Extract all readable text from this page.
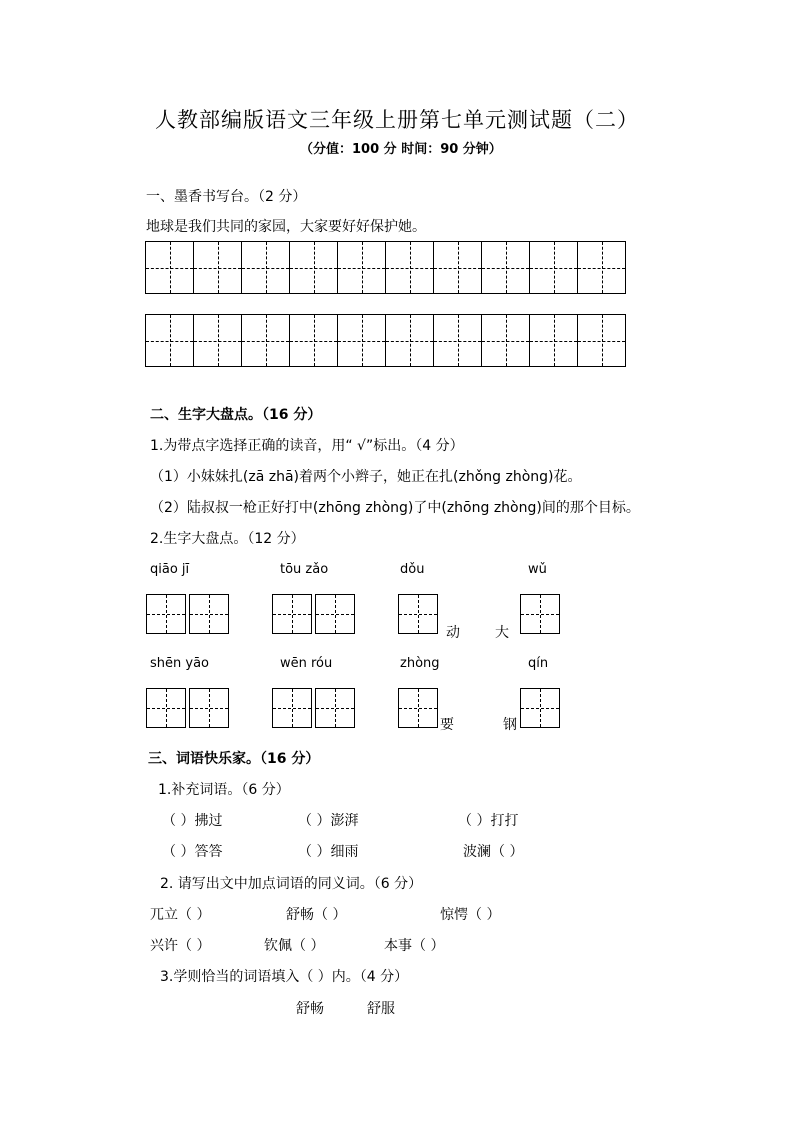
人教部编版语文三年级上册第七单元测试题（二）
（分值：100 分 时间：90 分钟）
一、墨香书写台。（2 分）
地球是我们共同的家园，大家要好好保护她。
二、生字大盘点。（16 分）
1.为带点字选择正确的读音，用“ √”标出。（4 分）
（1）小妹妹扎(zā zhā)着两个小辫子，她正在扎(zhǒng zhòng)花。
（2）陆叔叔一枪正好打中(zhōng zhòng)了中(zhōng zhòng)间的那个目标。
2.生字大盘点。（12 分）
qiāo jī	tōu zǎo	dǒu	wǔ
动	大
shēn yāo	wēn róu	zhòng	qín
要	钢
三、词语快乐家。（16 分）
1.补充词语。（6 分）
（ ）拂过	（ ）澎湃	（ ）打打
（ ）答答	（ ）细雨	波澜（ ）
2. 请写出文中加点词语的同义词。（6 分）
兀立（ ）	舒畅（ ）	惊愕（ ）
兴许（ ）	钦佩（ ）	本事（ ）
3.学则恰当的词语填入（ ）内。（4 分）
舒畅	舒服
